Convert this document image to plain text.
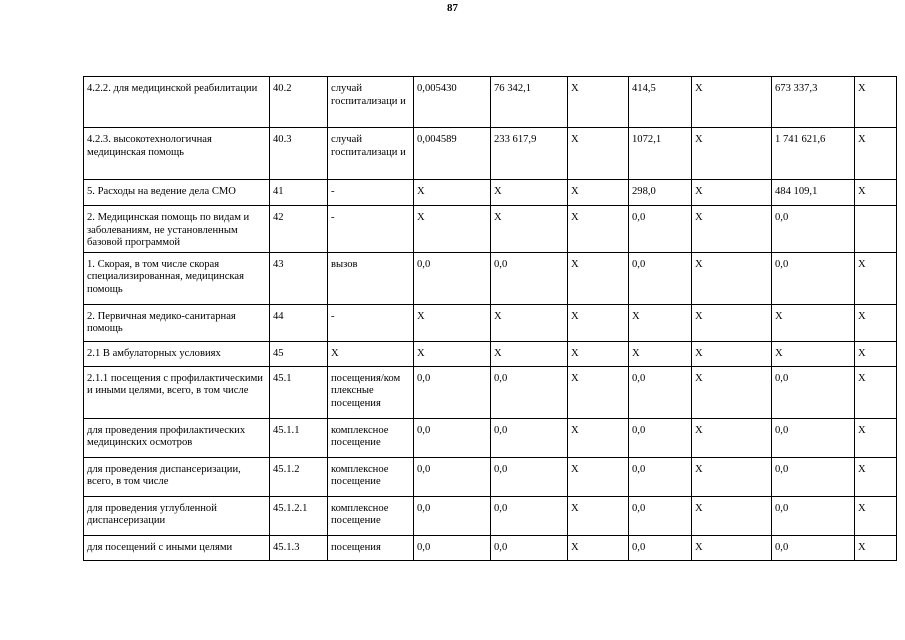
87
4.2.2. для медицинской реабилитации	40.2	случай госпитализаци и	0,005430	76 342,1	Х	414,5	Х	673 337,3	Х
4.2.3. высокотехнологичная медицинская помощь	40.3	случай госпитализаци и	0,004589	233 617,9	Х	1072,1	Х	1 741 621,6	Х
5. Расходы на ведение дела СМО	41	-	Х	Х	Х	298,0	Х	484 109,1	Х
2. Медицинская помощь по видам и заболеваниям, не установленным базовой программой	42	-	Х	Х	Х	0,0	Х	0,0	
1. Скорая, в том числе скорая специализированная, медицинская помощь	43	вызов	0,0	0,0	Х	0,0	Х	0,0	Х
2. Первичная медико-санитарная помощь	44	-	Х	Х	Х	Х	Х	Х	Х
2.1 В амбулаторных условиях	45	Х	Х	Х	Х	Х	Х	Х	Х
2.1.1 посещения с профилактическими и иными целями, всего, в том числе	45.1	посещения/ком плексные посещения	0,0	0,0	Х	0,0	Х	0,0	Х
для проведения профилактических медицинских осмотров	45.1.1	комплексное посещение	0,0	0,0	Х	0,0	Х	0,0	Х
для проведения диспансеризации, всего, в том числе	45.1.2	комплексное посещение	0,0	0,0	Х	0,0	Х	0,0	Х
для проведения углубленной диспансеризации	45.1.2.1	комплексное посещение	0,0	0,0	Х	0,0	Х	0,0	Х
для посещений с иными целями	45.1.3	посещения	0,0	0,0	Х	0,0	Х	0,0	Х
